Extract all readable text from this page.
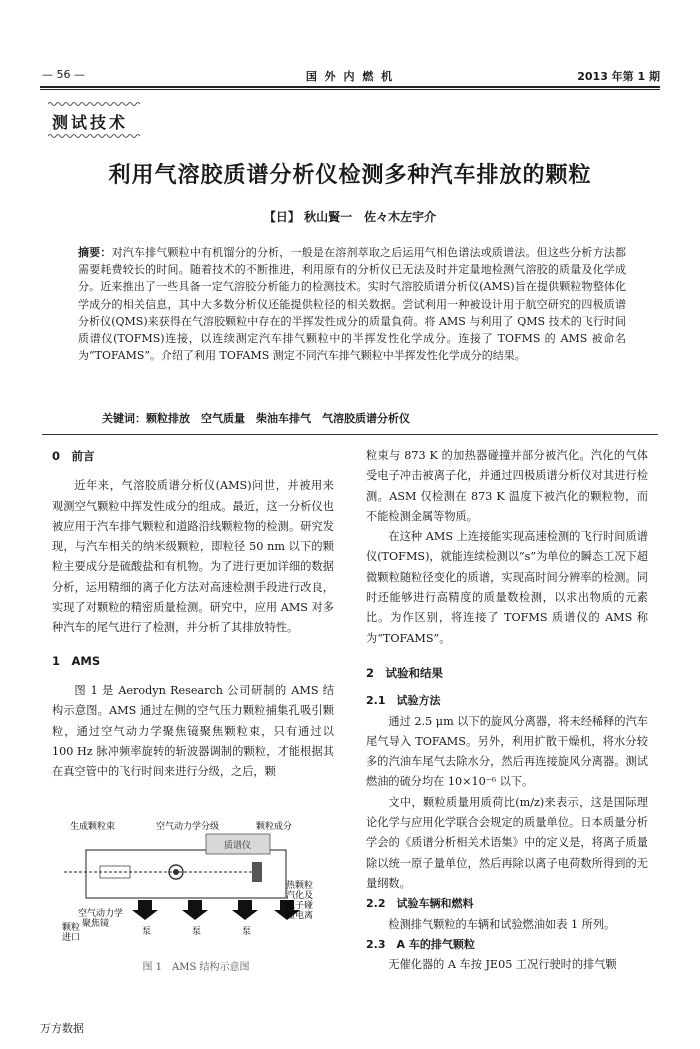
— 56 —	国 外 内 燃 机	2013 年第 1 期
测试技术
利用气溶胶质谱分析仪检测多种汽车排放的颗粒
【日】 秋山賢一　佐々木左宇介
摘要：对汽车排气颗粒中有机馏分的分析，一般是在溶剂萃取之后运用气相色谱法或质谱法。但这些分析方法都需要耗费较长的时间。随着技术的不断推进，利用原有的分析仪已无法及时并定量地检测气溶胶的质量及化学成分。近来推出了一些具备一定气溶胶分析能力的检测技术。实时气溶胶质谱分析仪(AMS)旨在提供颗粒物整体化学成分的相关信息，其中大多数分析仪还能提供粒径的相关数据。尝试利用一种被设计用于航空研究的四极质谱分析仪(QMS)来获得在气溶胶颗粒中存在的半挥发性成分的质量負荷。将 AMS 与利用了 QMS 技术的飞行时间质谱仪(TOFMS)连接，以连续测定汽车排气颗粒中的半挥发性化学成分。连接了 TOFMS 的 AMS 被命名为“TOFAMS”。介绍了利用 TOFAMS 测定不同汽车排气颗粒中半挥发性化学成分的结果。
关键词：颗粒排放　空气质量　柴油车排气　气溶胶质谱分析仪
0　前言

近年来，气溶胶质谱分析仪(AMS)问世，并被用来观测空气颗粒中挥发性成分的组成。最近，这一分析仪也被应用于汽车排气颗粒和道路沿线颗粒物的检测。研究发现，与汽车相关的纳米级颗粒，即粒径 50 nm 以下的颗粒主要成分是硫酸盐和有机物。为了进行更加详细的数据分析，运用精细的离子化方法对高速检测手段进行改良，实现了对颗粒的精密质量检测。研究中，应用 AMS 对多种汽车的尾气进行了检测，并分析了其排放特性。

1　AMS

图 1 是 Aerodyn Research 公司研制的 AMS 结构示意图。AMS 通过左侧的空气压力颗粒捕集孔吸引颗粒，通过空气动力学聚焦镜聚焦颗粒束，只有通过以 100 Hz 脉冲频率旋转的斩波器调制的颗粒，才能根据其在真空管中的飞行时间来进行分级，之后，颗

生成颗粒束	空气动力学分级	颗粒成分
质谱仪
空气动力学
聚焦镜
颗粒
进口
泵	泵	泵
热颗粒
汽化及
电子碰
撞电离
图 1　AMS 结构示意图

粒束与 873 K 的加热器碰撞并部分被汽化。汽化的气体受电子冲击被离子化，并通过四极质谱分析仪对其进行检测。ASM 仅检测在 873 K 温度下被汽化的颗粒物，而不能检测金属等物质。

在这种 AMS 上连接能实现高速检测的飞行时间质谱仪(TOFMS)，就能连续检测以“s”为单位的瞬态工况下超微颗粒随粒径变化的质谱，实现高时间分辨率的检测。同时还能够进行高精度的质量数检测，以求出物质的元素比。为作区别，将连接了 TOFMS 质谱仪的 AMS 称为“TOFAMS”。

2　试验和结果
2.1　试验方法

通过 2.5 μm 以下的旋风分离器，将未经稀释的汽车尾气导入 TOFAMS。另外，利用扩散干燥机，将水分较多的汽油车尾气去除水分，然后再连接旋风分离器。测试燃油的硫分均在 10×10⁻⁶ 以下。

文中，颗粒质量用质荷比(m/z)来表示，这是国际理论化学与应用化学联合会规定的质量单位。日本质量分析学会的《质谱分析相关术语集》中的定义是，将离子质量除以统一原子量单位，然后再除以离子电荷数所得到的无量纲数。

2.2　试验车辆和燃料

检测排气颗粒的车辆和试验燃油如表 1 所列。

2.3　A 车的排气颗粒

无催化器的 A 车按 JE05 工况行驶时的排气颗

万方数据
